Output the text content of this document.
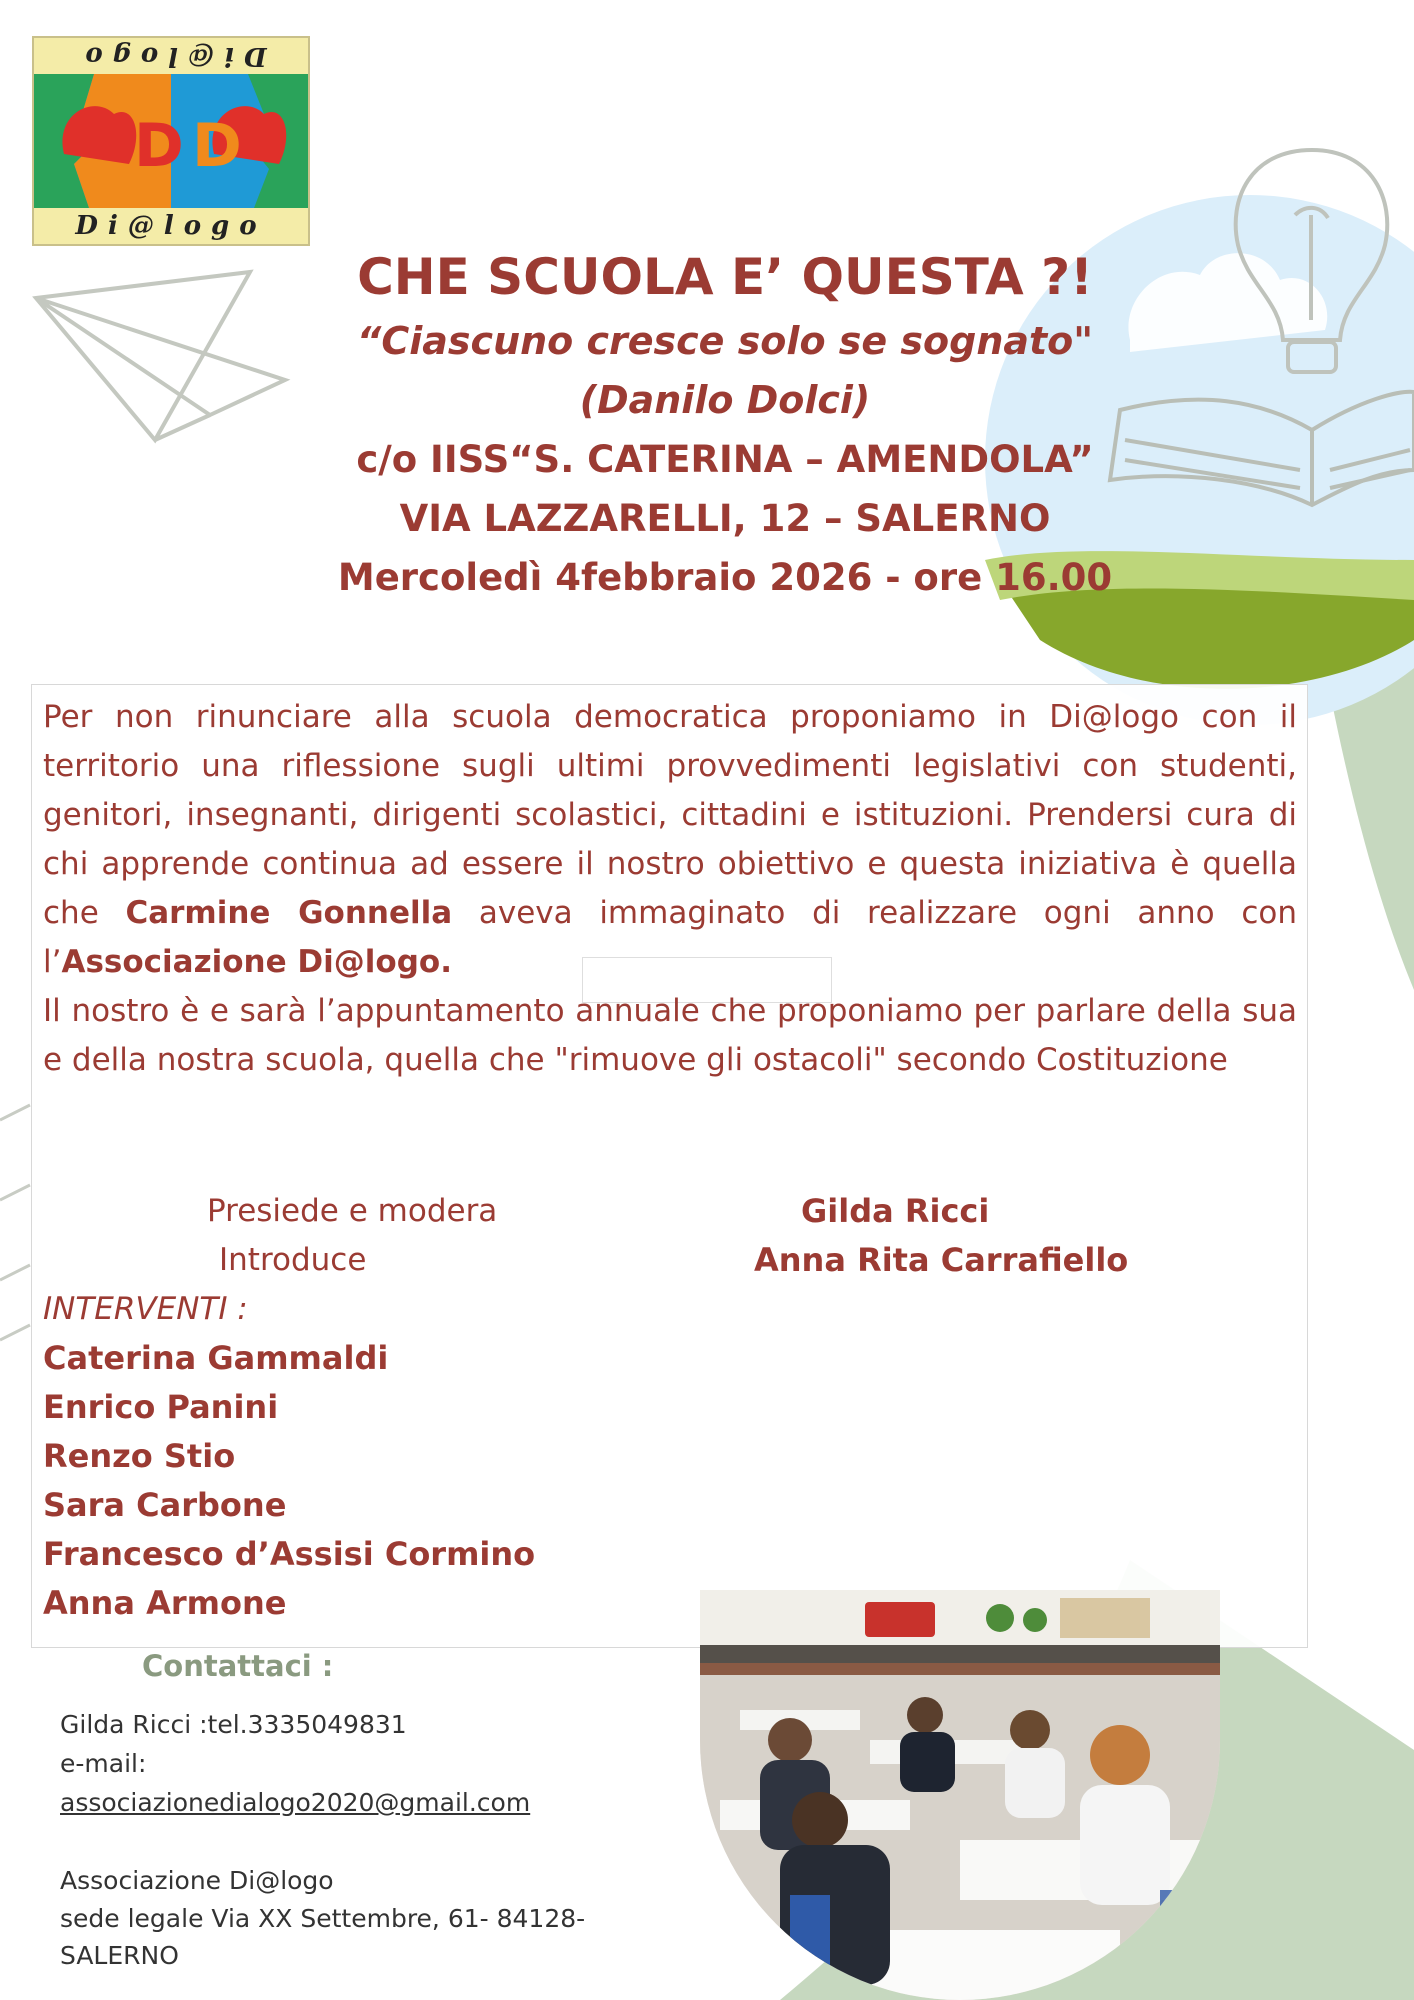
Di@logo
D D
Di@logo
CHE SCUOLA E’ QUESTA ?!
“Ciascuno cresce solo se sognato"
(Danilo Dolci)
c/o IISS“S. CATERINA – AMENDOLA”
VIA LAZZARELLI, 12 – SALERNO
Mercoledì 4febbraio 2026 - ore 16.00
Per non rinunciare alla scuola democratica proponiamo in Di@logo con il territorio una riflessione sugli ultimi provvedimenti legislativi con studenti, genitori, insegnanti, dirigenti scolastici, cittadini e istituzioni. Prendersi cura di chi apprende continua ad essere il nostro obiettivo e questa iniziativa è quella che Carmine Gonnella aveva immaginato di realizzare ogni anno con l’Associazione Di@logo.
Il nostro è e sarà l’appuntamento annuale che proponiamo per parlare della sua e della nostra scuola, quella che "rimuove gli ostacoli" secondo Costituzione
Presiede e modera	Gilda Ricci
Introduce	Anna Rita Carrafiello
INTERVENTI :
Caterina Gammaldi
Enrico Panini
Renzo Stio
Sara Carbone
Francesco d’Assisi Cormino
Anna Armone
Contattaci :
Gilda Ricci :tel.3335049831
e-mail:
associazionedialogo2020@gmail.com
Associazione Di@logo
sede legale Via XX Settembre, 61- 84128-
SALERNO
